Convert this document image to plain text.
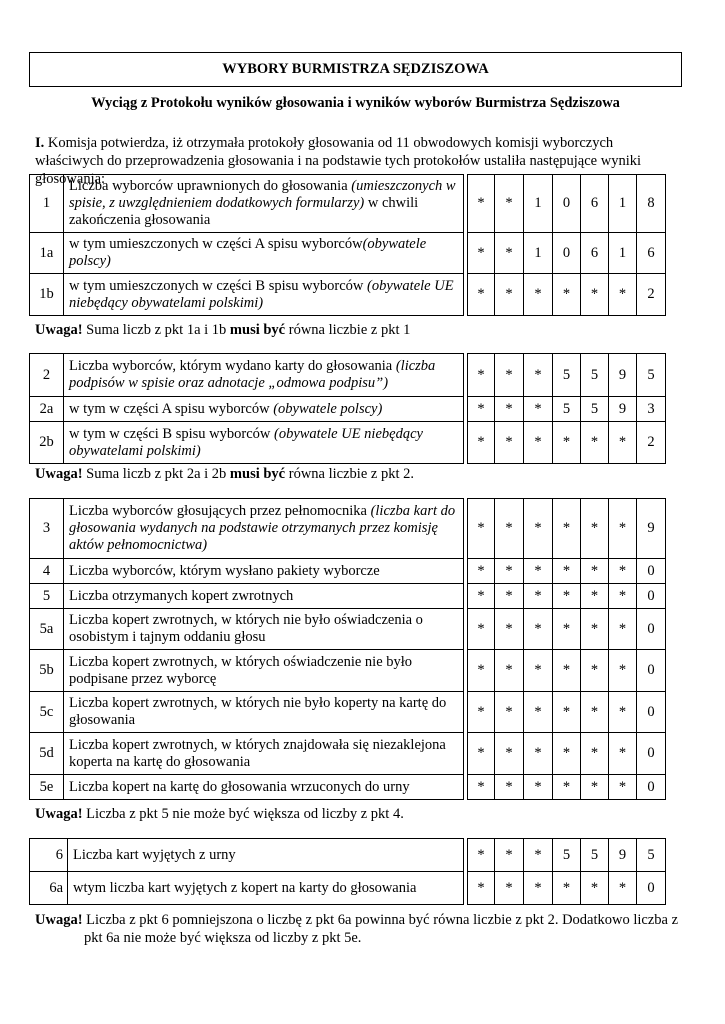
WYBORY BURMISTRZA SĘDZISZOWA
Wyciąg z Protokołu wyników głosowania i wyników wyborów Burmistrza Sędziszowa
I. Komisja potwierdza, iż otrzymała protokoły głosowania od 11 obwodowych komisji wyborczych właściwych do przeprowadzenia głosowania i na podstawie tych protokołów ustaliła następujące wyniki głosowania:
1	Liczba wyborców uprawnionych do głosowania (umieszczonych w spisie, z uwzględnieniem dodatkowych formularzy) w chwili zakończenia głosowania		*	*	1	0	6	1	8
1a	w tym umieszczonych w części A spisu wyborców(obywatele polscy)		*	*	1	0	6	1	6
1b	w tym umieszczonych w części B spisu wyborców (obywatele UE niebędący obywatelami polskimi)		*	*	*	*	*	*	2
Uwaga! Suma liczb z pkt 1a i 1b musi być równa liczbie z pkt 1
2	Liczba wyborców, którym wydano karty do głosowania (liczba podpisów w spisie oraz adnotacje „odmowa podpisu”)		*	*	*	5	5	9	5
2a	w tym w części A spisu wyborców (obywatele polscy)		*	*	*	5	5	9	3
2b	w tym w części B spisu wyborców (obywatele UE niebędący obywatelami polskimi)		*	*	*	*	*	*	2
Uwaga! Suma liczb z pkt 2a i 2b musi być równa liczbie z pkt 2.
3	Liczba wyborców głosujących przez pełnomocnika (liczba kart do głosowania wydanych na podstawie otrzymanych przez komisję aktów pełnomocnictwa)		*	*	*	*	*	*	9
4	Liczba wyborców, którym wysłano pakiety wyborcze		*	*	*	*	*	*	0
5	Liczba otrzymanych kopert zwrotnych		*	*	*	*	*	*	0
5a	Liczba kopert zwrotnych, w których nie było oświadczenia o osobistym i tajnym oddaniu głosu		*	*	*	*	*	*	0
5b	Liczba kopert zwrotnych, w których oświadczenie nie było podpisane przez wyborcę		*	*	*	*	*	*	0
5c	Liczba kopert zwrotnych, w których nie było koperty na kartę do głosowania		*	*	*	*	*	*	0
5d	Liczba kopert zwrotnych, w których znajdowała się niezaklejona koperta na kartę do głosowania		*	*	*	*	*	*	0
5e	Liczba kopert na kartę do głosowania wrzuconych do urny		*	*	*	*	*	*	0
Uwaga! Liczba z pkt 5 nie może być większa od liczby z pkt 4.
6	Liczba kart wyjętych z urny		*	*	*	5	5	9	5
6a	wtym liczba kart wyjętych z kopert na karty do głosowania		*	*	*	*	*	*	0
Uwaga! Liczba z pkt 6 pomniejszona o liczbę z pkt 6a powinna być równa liczbie z pkt 2. Dodatkowo liczba z
pkt 6a nie może być większa od liczby z pkt 5e.
